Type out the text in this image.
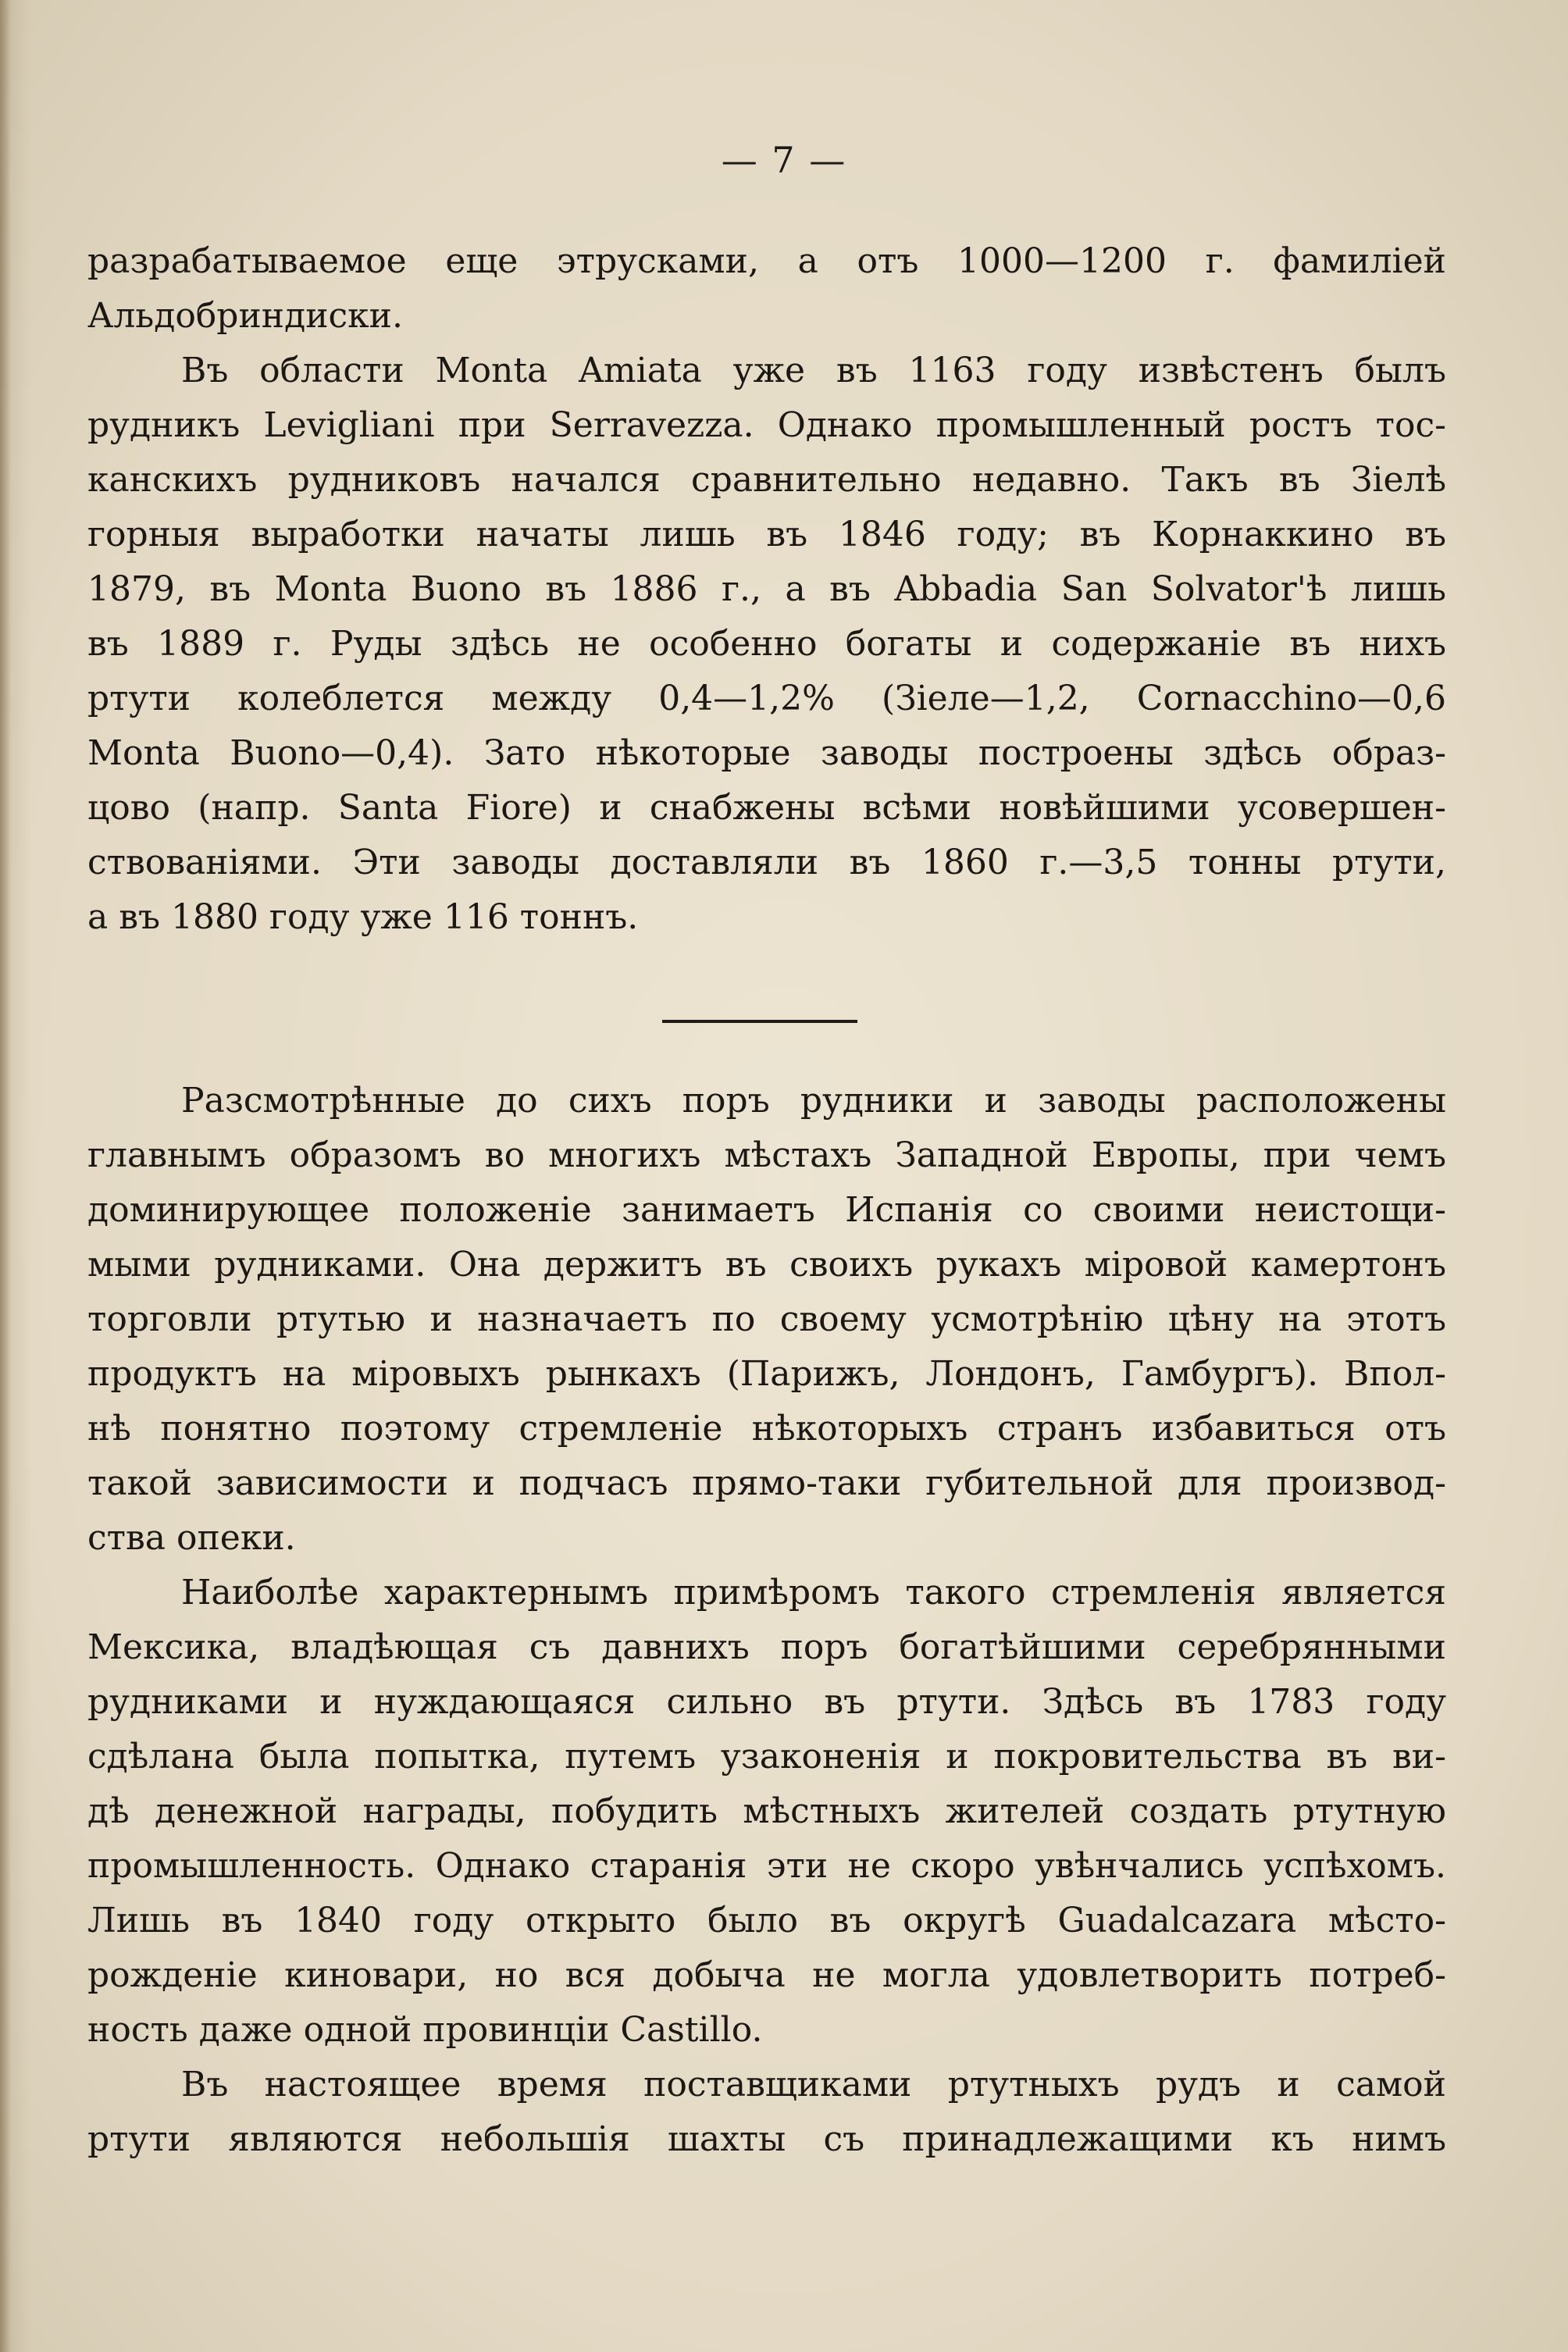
— 7 —
разрабатываемое еще этрусками, а отъ 1000—1200 г. фамиліей
Альдобриндиски.
Въ области Monta Amiata уже въ 1163 году извѣстенъ былъ
рудникъ Levigliani при Serravezza. Однако промышленный ростъ тос-
канскихъ рудниковъ начался сравнительно недавно. Такъ въ Зіелѣ
горныя выработки начаты лишь въ 1846 году; въ Корнаккино въ
1879, въ Monta Buono въ 1886 г., а въ Abbadia San Solvator'ѣ лишь
въ 1889 г. Руды здѣсь не особенно богаты и содержаніе въ нихъ
ртути колеблется между 0,4—1,2% (Зіеле—1,2, Cornacchino—0,6
Monta Buono—0,4). Зато нѣкоторые заводы построены здѣсь образ-
цово (напр. Santa Fiore) и снабжены всѣми новѣйшими усовершен-
ствованіями. Эти заводы доставляли въ 1860 г.—3,5 тонны ртути,
а въ 1880 году уже 116 тоннъ.
Разсмотрѣнные до сихъ поръ рудники и заводы расположены
главнымъ образомъ во многихъ мѣстахъ Западной Европы, при чемъ
доминирующее положеніе занимаетъ Испанія со своими неистощи-
мыми рудниками. Она держитъ въ своихъ рукахъ міровой камертонъ
торговли ртутью и назначаетъ по своему усмотрѣнію цѣну на этотъ
продуктъ на міровыхъ рынкахъ (Парижъ, Лондонъ, Гамбургъ). Впол-
нѣ понятно поэтому стремленіе нѣкоторыхъ странъ избавиться отъ
такой зависимости и подчасъ прямо-таки губительной для производ-
ства опеки.
Наиболѣе характернымъ примѣромъ такого стремленія является
Мексика, владѣющая съ давнихъ поръ богатѣйшими серебрянными
рудниками и нуждающаяся сильно въ ртути. Здѣсь въ 1783 году
сдѣлана была попытка, путемъ узаконенія и покровительства въ ви-
дѣ денежной награды, побудить мѣстныхъ жителей создать ртутную
промышленность. Однако старанія эти не скоро увѣнчались успѣхомъ.
Лишь въ 1840 году открыто было въ округѣ Guadalcazara мѣсто-
рожденіе киновари, но вся добыча не могла удовлетворить потреб-
ность даже одной провинціи Castillo.
Въ настоящее время поставщиками ртутныхъ рудъ и самой
ртути являются небольшія шахты съ принадлежащими къ нимъ
